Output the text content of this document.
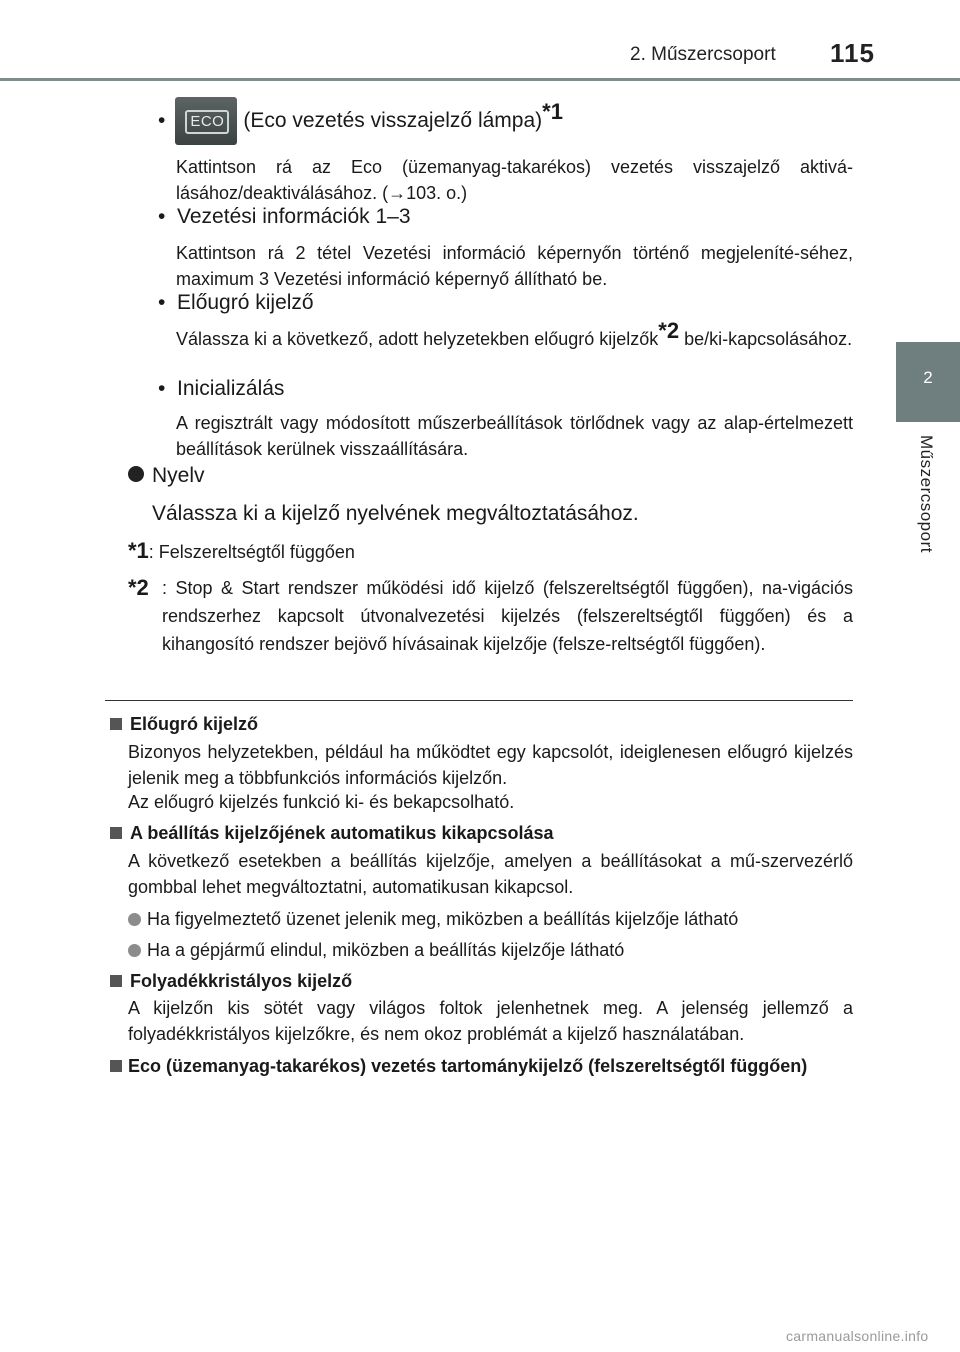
2. Műszercsoport 115
2
Műszercsoport
•	ECO (Eco vezetés visszajelző lámpa)$^{*1}$
Kattintson rá az Eco (üzemanyag-takarékos) vezetés visszajelző aktivá-lásához/deaktiválásához. (→103. o.)
• Vezetési információk 1–3
Kattintson rá 2 tétel Vezetési információ képernyőn történő megjeleníté-séhez, maximum 3 Vezetési információ képernyő állítható be.
• Előugró kijelző
Válassza ki a következő, adott helyzetekben előugró kijelzők$^{*2}$ be/ki-kapcsolásához.
• Inicializálás
A regisztrált vagy módosított műszerbeállítások törlődnek vagy az alap-értelmezett beállítások kerülnek visszaállítására.
Nyelv
Válassza ki a kijelző nyelvének megváltoztatásához.
*1: Felszereltségtől függően
*2 : Stop & Start rendszer működési idő kijelző (felszereltségtől függően), na-vigációs rendszerhez kapcsolt útvonalvezetési kijelzés (felszereltségtől függően) és a kihangosító rendszer bejövő hívásainak kijelzője (felsze-reltségtől függően).
Előugró kijelző
Bizonyos helyzetekben, például ha működtet egy kapcsolót, ideiglenesen előugró kijelzés jelenik meg a többfunkciós információs kijelzőn.
Az előugró kijelzés funkció ki- és bekapcsolható.
A beállítás kijelzőjének automatikus kikapcsolása
A következő esetekben a beállítás kijelzője, amelyen a beállításokat a mű-szervezérlő gombbal lehet megváltoztatni, automatikusan kikapcsol.
Ha figyelmeztető üzenet jelenik meg, miközben a beállítás kijelzője látható
Ha a gépjármű elindul, miközben a beállítás kijelzője látható
Folyadékkristályos kijelző
A kijelzőn kis sötét vagy világos foltok jelenhetnek meg. A jelenség jellemző a folyadékkristályos kijelzőkre, és nem okoz problémát a kijelző használatában.
Eco (üzemanyag-takarékos) vezetés tartománykijelző (felszereltségtől függően)
carmanualsonline.info
